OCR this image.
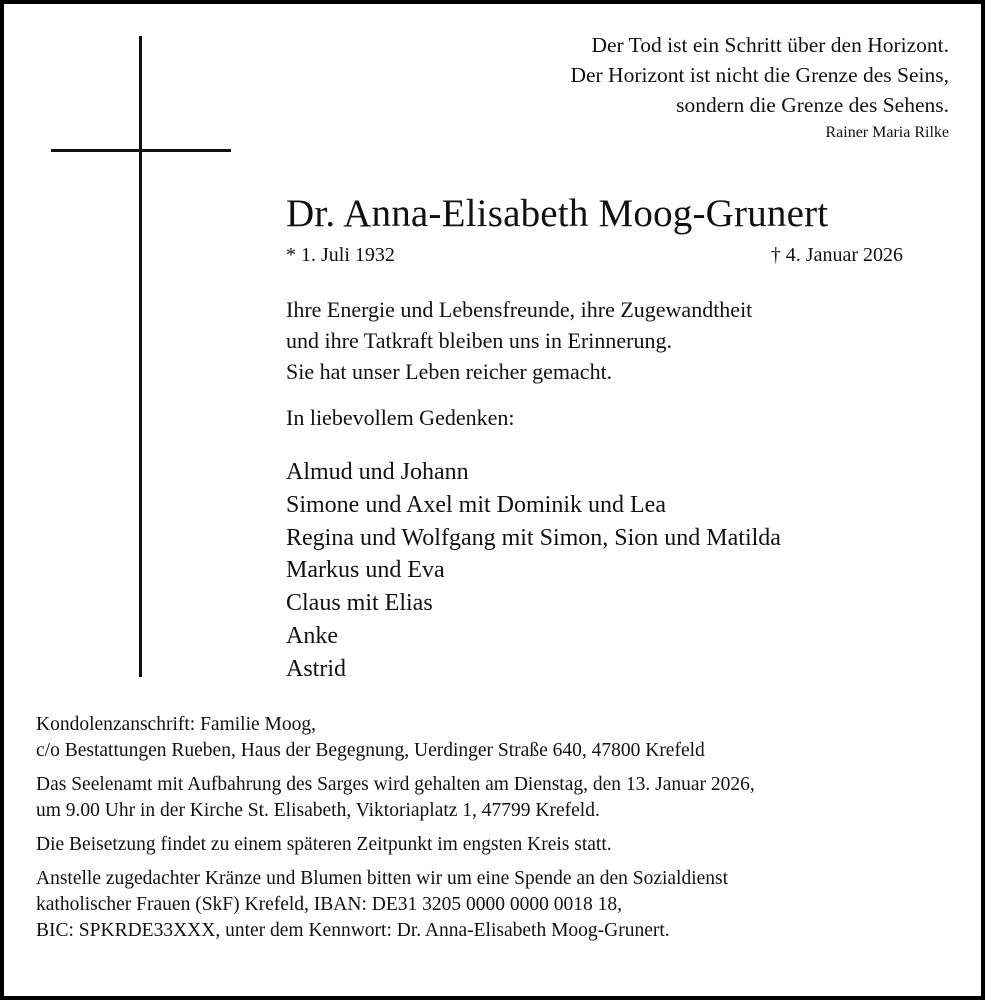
Der Tod ist ein Schritt über den Horizont.
Der Horizont ist nicht die Grenze des Seins,
sondern die Grenze des Sehens.
Rainer Maria Rilke
Dr. Anna-Elisabeth Moog-Grunert
* 1. Juli 1932	† 4. Januar 2026
Ihre Energie und Lebensfreunde, ihre Zugewandtheit
und ihre Tatkraft bleiben uns in Erinnerung.
Sie hat unser Leben reicher gemacht.
In liebevollem Gedenken:
Almud und Johann
Simone und Axel mit Dominik und Lea
Regina und Wolfgang mit Simon, Sion und Matilda
Markus und Eva
Claus mit Elias
Anke
Astrid

Kondolenzanschrift: Familie Moog,
c/o Bestattungen Rueben, Haus der Begegnung, Uerdinger Straße 640, 47800 Krefeld

Das Seelenamt mit Aufbahrung des Sarges wird gehalten am Dienstag, den 13. Januar 2026,
um 9.00 Uhr in der Kirche St. Elisabeth, Viktoriaplatz 1, 47799 Krefeld.

Die Beisetzung findet zu einem späteren Zeitpunkt im engsten Kreis statt.

Anstelle zugedachter Kränze und Blumen bitten wir um eine Spende an den Sozialdienst
katholischer Frauen (SkF) Krefeld, IBAN: DE31 3205 0000 0000 0018 18,
BIC: SPKRDE33XXX, unter dem Kennwort: Dr. Anna-Elisabeth Moog-Grunert.
